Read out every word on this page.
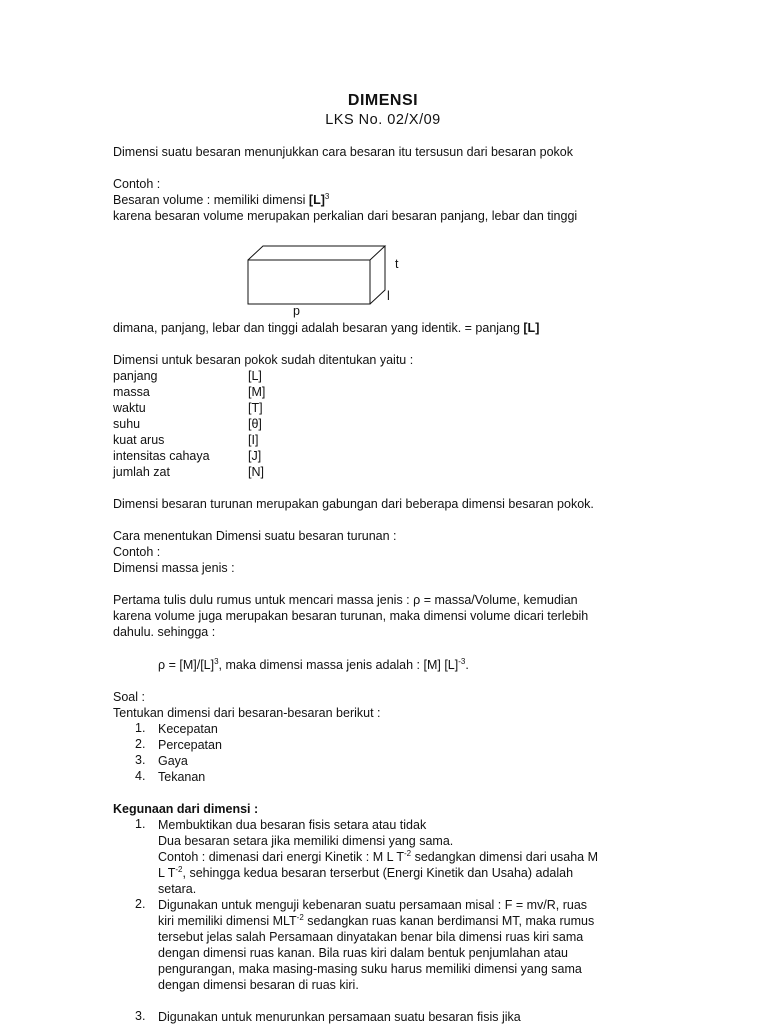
DIMENSI
LKS No. 02/X/09
Dimensi suatu besaran menunjukkan cara besaran itu tersusun dari besaran pokok
Contoh :
Besaran volume : memiliki dimensi $[L]^3$
karena besaran volume merupakan perkalian dari besaran panjang, lebar dan tinggi
t
l
p
dimana, panjang, lebar dan tinggi adalah besaran yang identik. = panjang [L]
Dimensi untuk besaran pokok sudah ditentukan yaitu :
panjang	[L]
massa	[M]
waktu	[T]
suhu	[θ]
kuat arus	[I]
intensitas cahaya	[J]
jumlah zat	[N]
Dimensi besaran turunan merupakan gabungan dari beberapa dimensi besaran pokok.
Cara menentukan Dimensi suatu besaran turunan :
Contoh :
Dimensi massa jenis :
Pertama tulis dulu rumus untuk mencari massa jenis : ρ = massa/Volume, kemudian
karena volume juga merupakan besaran turunan, maka dimensi volume dicari terlebih
dahulu. sehingga :
$\rho = [M]/[L]^3$, maka dimensi massa jenis adalah : [M] $[L]^{-3}$.
Soal :
Tentukan dimensi dari besaran-besaran berikut :
1.	Kecepatan
2.	Percepatan
3.	Gaya
4.	Tekanan
Kegunaan dari dimensi :
1.	Membuktikan dua besaran fisis setara atau tidak
Dua besaran setara jika memiliki dimensi yang sama.
Contoh : dimenasi dari energi Kinetik : M L $T^{-2}$ sedangkan dimensi dari usaha M
L $T^{-2}$, sehingga kedua besaran terserbut (Energi Kinetik dan Usaha) adalah
setara.
2.	Digunakan untuk menguji kebenaran suatu persamaan misal : F = mv/R, ruas
kiri memiliki dimensi $MLT^{-2}$ sedangkan ruas kanan berdimansi MT, maka rumus
tersebut jelas salah Persamaan dinyatakan benar bila dimensi ruas kiri sama
dengan dimensi ruas kanan. Bila ruas kiri dalam bentuk penjumlahan atau
pengurangan, maka masing-masing suku harus memiliki dimensi yang sama
dengan dimensi besaran di ruas kiri.
3.	Digunakan untuk menurunkan persamaan suatu besaran fisis jika
